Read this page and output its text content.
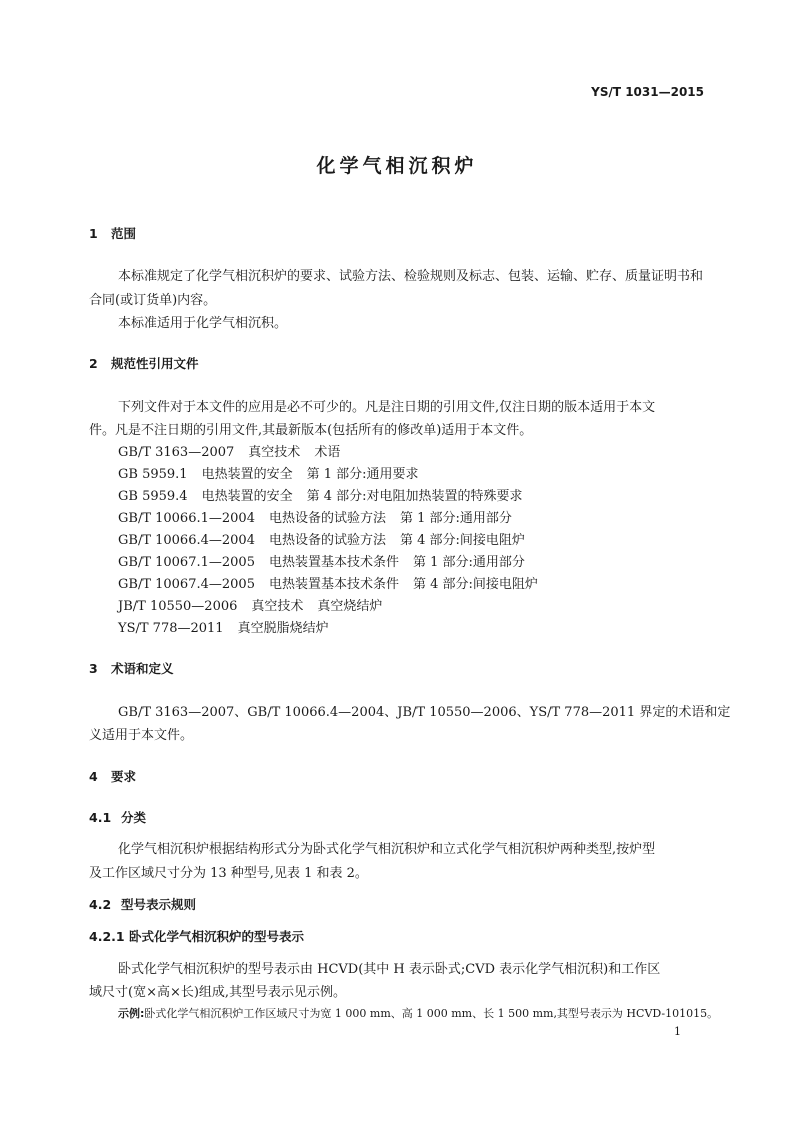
YS/T 1031—2015
化学气相沉积炉
1 范围
本标准规定了化学气相沉积炉的要求、试验方法、检验规则及标志、包装、运输、贮存、质量证明书和
合同(或订货单)内容。
本标准适用于化学气相沉积。
2 规范性引用文件
下列文件对于本文件的应用是必不可少的。凡是注日期的引用文件,仅注日期的版本适用于本文
件。凡是不注日期的引用文件,其最新版本(包括所有的修改单)适用于本文件。
GB/T 3163—2007 真空技术 术语
GB 5959.1 电热装置的安全 第 1 部分:通用要求
GB 5959.4 电热装置的安全 第 4 部分:对电阻加热装置的特殊要求
GB/T 10066.1—2004 电热设备的试验方法 第 1 部分:通用部分
GB/T 10066.4—2004 电热设备的试验方法 第 4 部分:间接电阻炉
GB/T 10067.1—2005 电热装置基本技术条件 第 1 部分:通用部分
GB/T 10067.4—2005 电热装置基本技术条件 第 4 部分:间接电阻炉
JB/T 10550—2006 真空技术 真空烧结炉
YS/T 778—2011 真空脱脂烧结炉
3 术语和定义
GB/T 3163—2007、GB/T 10066.4—2004、JB/T 10550—2006、YS/T 778—2011 界定的术语和定
义适用于本文件。
4 要求
4.1 分类
化学气相沉积炉根据结构形式分为卧式化学气相沉积炉和立式化学气相沉积炉两种类型,按炉型
及工作区域尺寸分为 13 种型号,见表 1 和表 2。
4.2 型号表示规则
4.2.1 卧式化学气相沉积炉的型号表示
卧式化学气相沉积炉的型号表示由 HCVD(其中 H 表示卧式;CVD 表示化学气相沉积)和工作区
域尺寸(宽×高×长)组成,其型号表示见示例。
示例:卧式化学气相沉积炉工作区域尺寸为宽 1 000 mm、高 1 000 mm、长 1 500 mm,其型号表示为 HCVD-101015。
1
